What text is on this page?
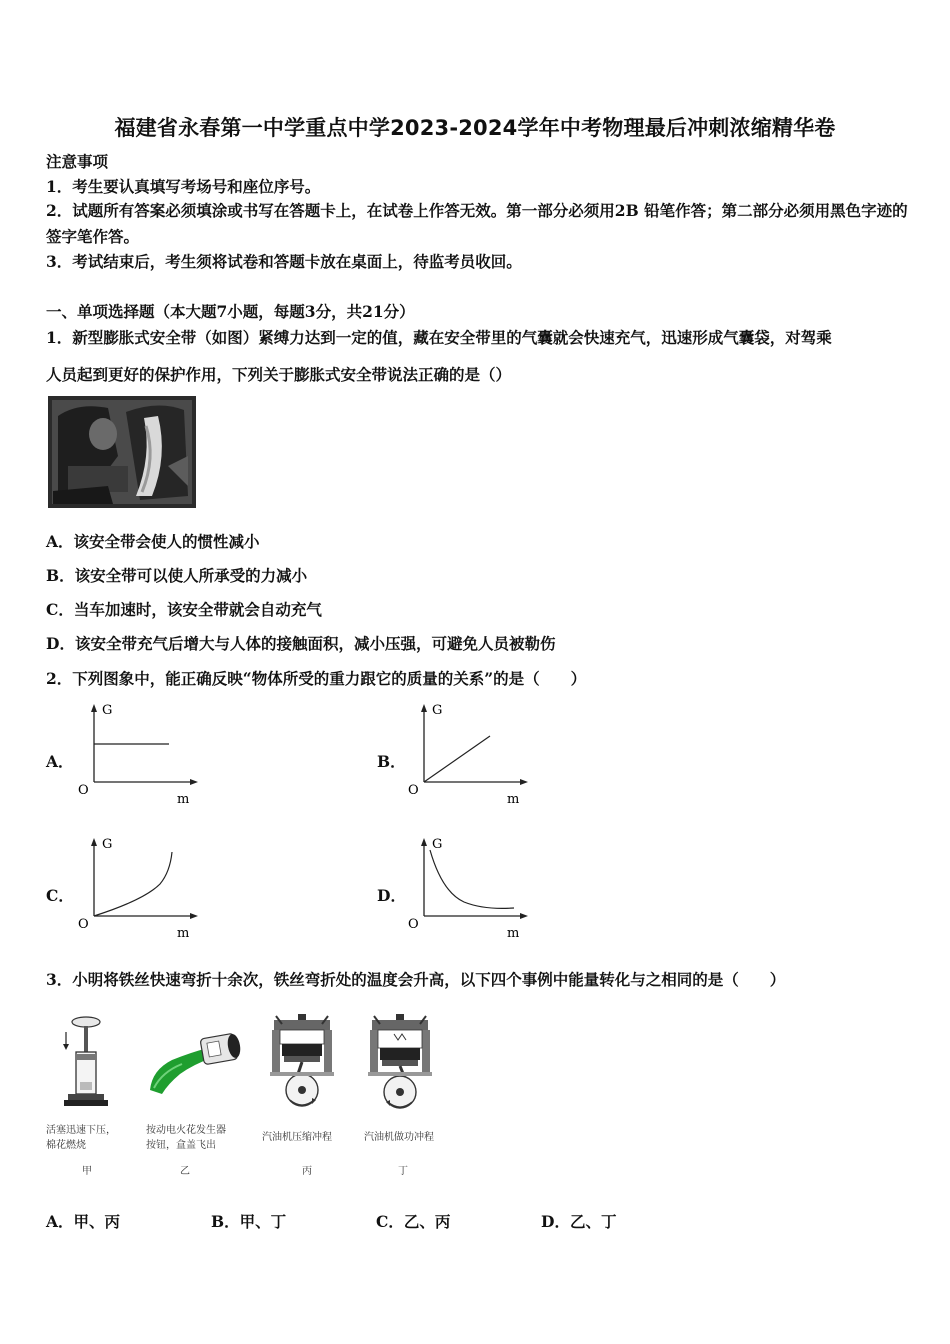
福建省永春第一中学重点中学2023-2024学年中考物理最后冲刺浓缩精华卷
注意事项
1．考生要认真填写考场号和座位序号。
2．试题所有答案必须填涂或书写在答题卡上，在试卷上作答无效。第一部分必须用2B 铅笔作答；第二部分必须用黑色字迹的签字笔作答。
3．考试结束后，考生须将试卷和答题卡放在桌面上，待监考员收回。
一、单项选择题（本大题7小题，每题3分，共21分）
1．新型膨胀式安全带（如图）紧缚力达到一定的值，藏在安全带里的气囊就会快速充气，迅速形成气囊袋，对驾乘
人员起到更好的保护作用，下列关于膨胀式安全带说法正确的是（）
A．该安全带会使人的惯性减小
B．该安全带可以使人所承受的力减小
C．当车加速时，该安全带就会自动充气
D．该安全带充气后增大与人体的接触面积，减小压强，可避免人员被勒伤
2．下列图象中，能正确反映“物体所受的重力跟它的质量的关系”的是（　　）
A．
G
O
m
B．
G
O
m
C．
G
O
m
D．
G
O
m
3．小明将铁丝快速弯折十余次，铁丝弯折处的温度会升高，以下四个事例中能量转化与之相同的是（　　）
活塞迅速下压，
棉花燃烧
甲
按动电火花发生器
按钮，盒盖飞出
乙
汽油机压缩冲程
丙
汽油机做功冲程
丁
A．甲、丙	B．甲、丁	C．乙、丙	D．乙、丁
